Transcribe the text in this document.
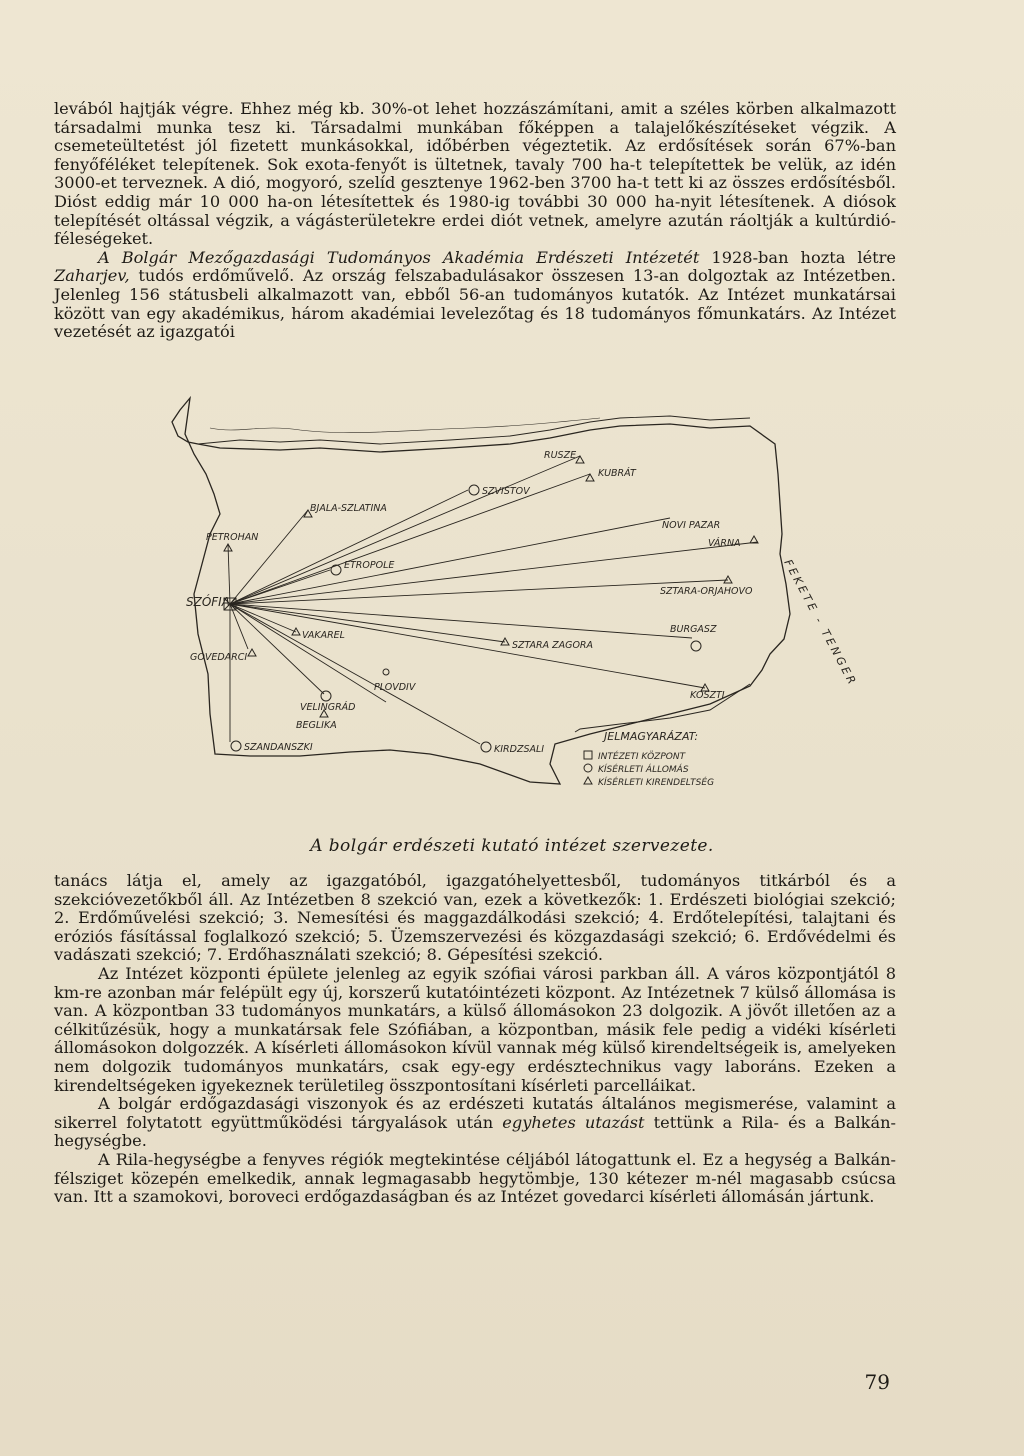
levából hajtják végre. Ehhez még kb. 30%-ot lehet hozzászámítani, amit a széles körben alkalmazott társadalmi munka tesz ki. Társadalmi munkában főképpen a talajelőkészítéseket végzik. A csemeteültetést jól fizetett munkásokkal, időbérben végeztetik. Az erdősítések során 67%-ban fenyőféléket telepítenek. Sok exota-fenyőt is ültetnek, tavaly 700 ha-t telepítettek be velük, az idén 3000-et terveznek. A dió, mogyoró, szelíd gesztenye 1962-ben 3700 ha-t tett ki az összes erdősítésből. Dióst eddig már 10 000 ha-on létesítettek és 1980-ig további 30 000 ha-nyit létesítenek. A diósok telepítését oltással végzik, a vágásterületekre erdei diót vetnek, amelyre azután ráoltják a kultúrdió-féleségeket.

A Bolgár Mezőgazdasági Tudományos Akadémia Erdészeti Intézetét 1928-ban hozta létre Zaharjev, tudós erdőművelő. Az ország felszabadulásakor összesen 13-an dolgoztak az Intézetben. Jelenleg 156 státusbeli alkalmazott van, ebből 56-an tudományos kutatók. Az Intézet munkatársai között van egy akadémikus, három akadémiai levelezőtag és 18 tudományos főmunkatárs. Az Intézet vezetését az igazgatói

RUSZE
KUBRÁT
SZVISTOV
BJALA-SZLATINA
NOVI PAZAR
VÁRNA
PETROHAN
ETROPOLE
SZÓFIA
SZTARA-ORJAHOVO
VAKAREL
BURGASZ
SZTARA ZAGORA
GOVEDARCI
PLOVDIV
KOSZTI
VELINGRÁD
BEGLIKA
SZANDANSZKI	KIRDZSALI
FEKETE - TENGER
JELMAGYARÁZAT:
INTÉZETI KÖZPONT
KÍSÉRLETI ÁLLOMÁS
KÍSÉRLETI KIRENDELTSÉG
A bolgár erdészeti kutató intézet szervezete.

tanács látja el, amely az igazgatóból, igazgatóhelyettesből, tudományos titkárból és a szekcióvezetőkből áll. Az Intézetben 8 szekció van, ezek a következők: 1. Erdészeti biológiai szekció; 2. Erdőművelési szekció; 3. Nemesítési és maggazdálkodási szekció; 4. Erdőtelepítési, talajtani és eróziós fásítással foglalkozó szekció; 5. Üzemszervezési és közgazdasági szekció; 6. Erdővédelmi és vadászati szekció; 7. Erdőhasználati szekció; 8. Gépesítési szekció.

Az Intézet központi épülete jelenleg az egyik szófiai városi parkban áll. A város központjától 8 km-re azonban már felépült egy új, korszerű kutatóintézeti központ. Az Intézetnek 7 külső állomása is van. A központban 33 tudományos munkatárs, a külső állomásokon 23 dolgozik. A jövőt illetően az a célkitűzésük, hogy a munkatársak fele Szófiában, a központban, másik fele pedig a vidéki kísérleti állomásokon dolgozzék. A kísérleti állomásokon kívül vannak még külső kirendeltségeik is, amelyeken nem dolgozik tudományos munkatárs, csak egy-egy erdésztechnikus vagy laboráns. Ezeken a kirendeltségeken igyekeznek területileg összpontosítani kísérleti parcelláikat.

A bolgár erdőgazdasági viszonyok és az erdészeti kutatás általános megismerése, valamint a sikerrel folytatott együttműködési tárgyalások után egyhetes utazást tettünk a Rila- és a Balkán-hegységbe.

A Rila-hegységbe a fenyves régiók megtekintése céljából látogattunk el. Ez a hegység a Balkán-félsziget közepén emelkedik, annak legmagasabb hegytömbje, 130 kétezer m-nél magasabb csúcsa van. Itt a szamokovi, boroveci erdőgazdaságban és az Intézet govedarci kísérleti állomásán jártunk.

79
